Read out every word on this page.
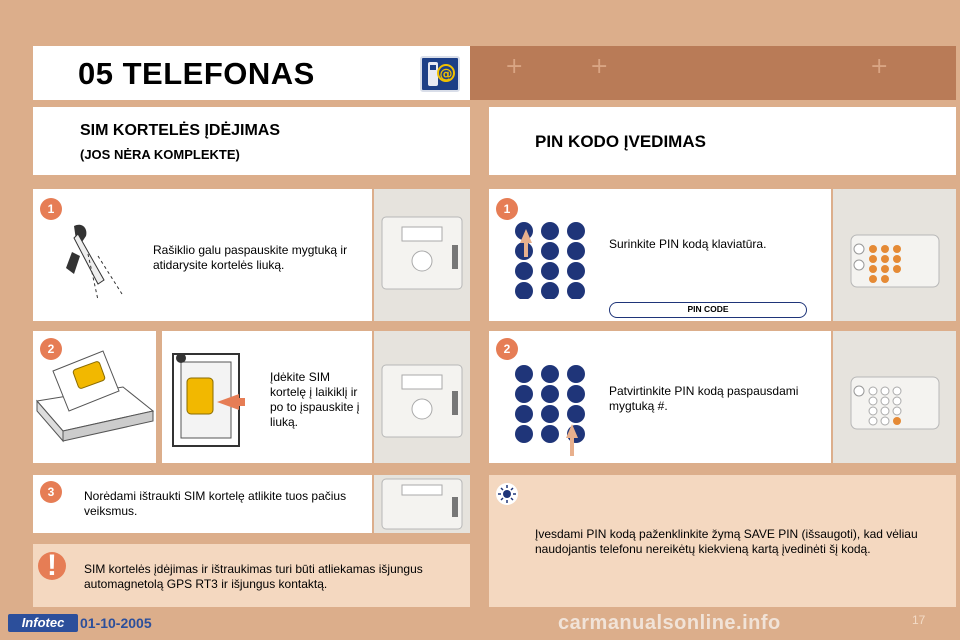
+	+	+
05 TELEFONAS	@
SIM KORTELĖS ĮDĖJIMAS
(JOS NĖRA KOMPLEKTE)
PIN KODO ĮVEDIMAS
1
Rašiklio galu paspauskite mygtuką ir atidarysite kortelės liuką.
2
Įdėkite SIM kortelę į laikiklį ir po to įspauskite į liuką.
3	Norėdami ištraukti SIM kortelę atlikite tuos pačius veiksmus.
!	SIM kortelės įdėjimas ir ištraukimas turi būti atliekamas išjungus automagnetolą GPS RT3 ir išjungus kontaktą.
1
Surinkite PIN kodą klaviatūra.
PIN CODE
2
Patvirtinkite PIN kodą paspausdami mygtuką #.
Įvesdami PIN kodą paženklinkite žymą SAVE PIN (išsaugoti), kad vėliau naudojantis telefonu nereikėtų kiekvieną kartą įvedinėti šį kodą.
Infotec	01-10-2005	carmanualsonline.info	17
